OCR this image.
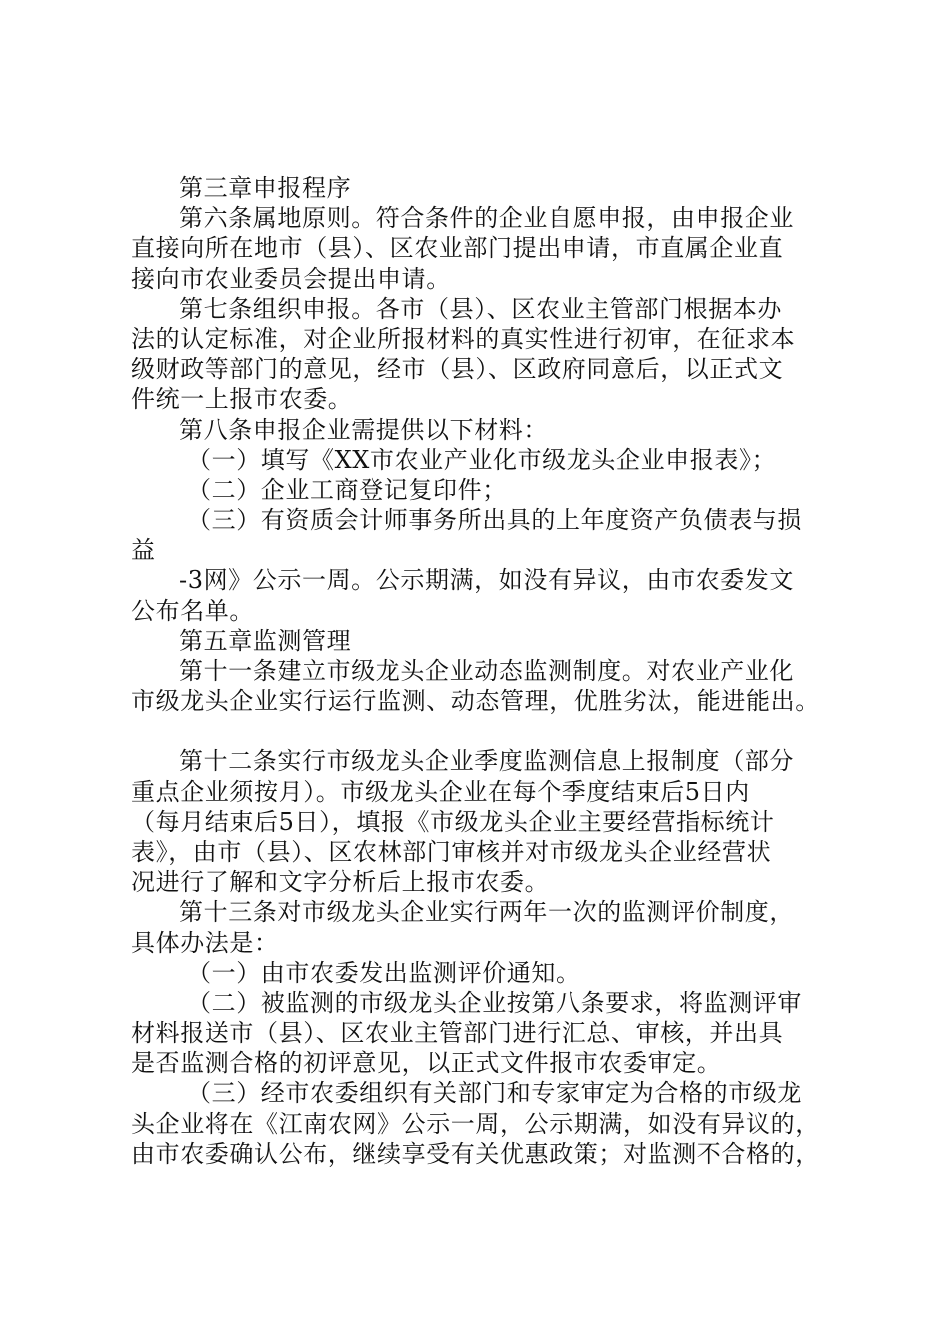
第三章申报程序
第六条属地原则。符合条件的企业自愿申报，由申报企业
直接向所在地市（县）、区农业部门提出申请，市直属企业直
接向市农业委员会提出申请。
第七条组织申报。各市（县）、区农业主管部门根据本办
法的认定标准，对企业所报材料的真实性进行初审，在征求本
级财政等部门的意见，经市（县）、区政府同意后，以正式文
件统一上报市农委。
第八条申报企业需提供以下材料：
（一）填写《XX市农业产业化市级龙头企业申报表》；
（二）企业工商登记复印件；
（三）有资质会计师事务所出具的上年度资产负债表与损
益
-3网》公示一周。公示期满，如没有异议，由市农委发文
公布名单。
第五章监测管理
第十一条建立市级龙头企业动态监测制度。对农业产业化
市级龙头企业实行运行监测、动态管理，优胜劣汰，能进能出。
第十二条实行市级龙头企业季度监测信息上报制度（部分
重点企业须按月）。市级龙头企业在每个季度结束后5日内
（每月结束后5日），填报《市级龙头企业主要经营指标统计
表》，由市（县）、区农林部门审核并对市级龙头企业经营状
况进行了解和文字分析后上报市农委。
第十三条对市级龙头企业实行两年一次的监测评价制度，
具体办法是：
（一）由市农委发出监测评价通知。
（二）被监测的市级龙头企业按第八条要求，将监测评审
材料报送市（县）、区农业主管部门进行汇总、审核，并出具
是否监测合格的初评意见，以正式文件报市农委审定。
（三）经市农委组织有关部门和专家审定为合格的市级龙
头企业将在《江南农网》公示一周，公示期满，如没有异议的，
由市农委确认公布，继续享受有关优惠政策；对监测不合格的，
